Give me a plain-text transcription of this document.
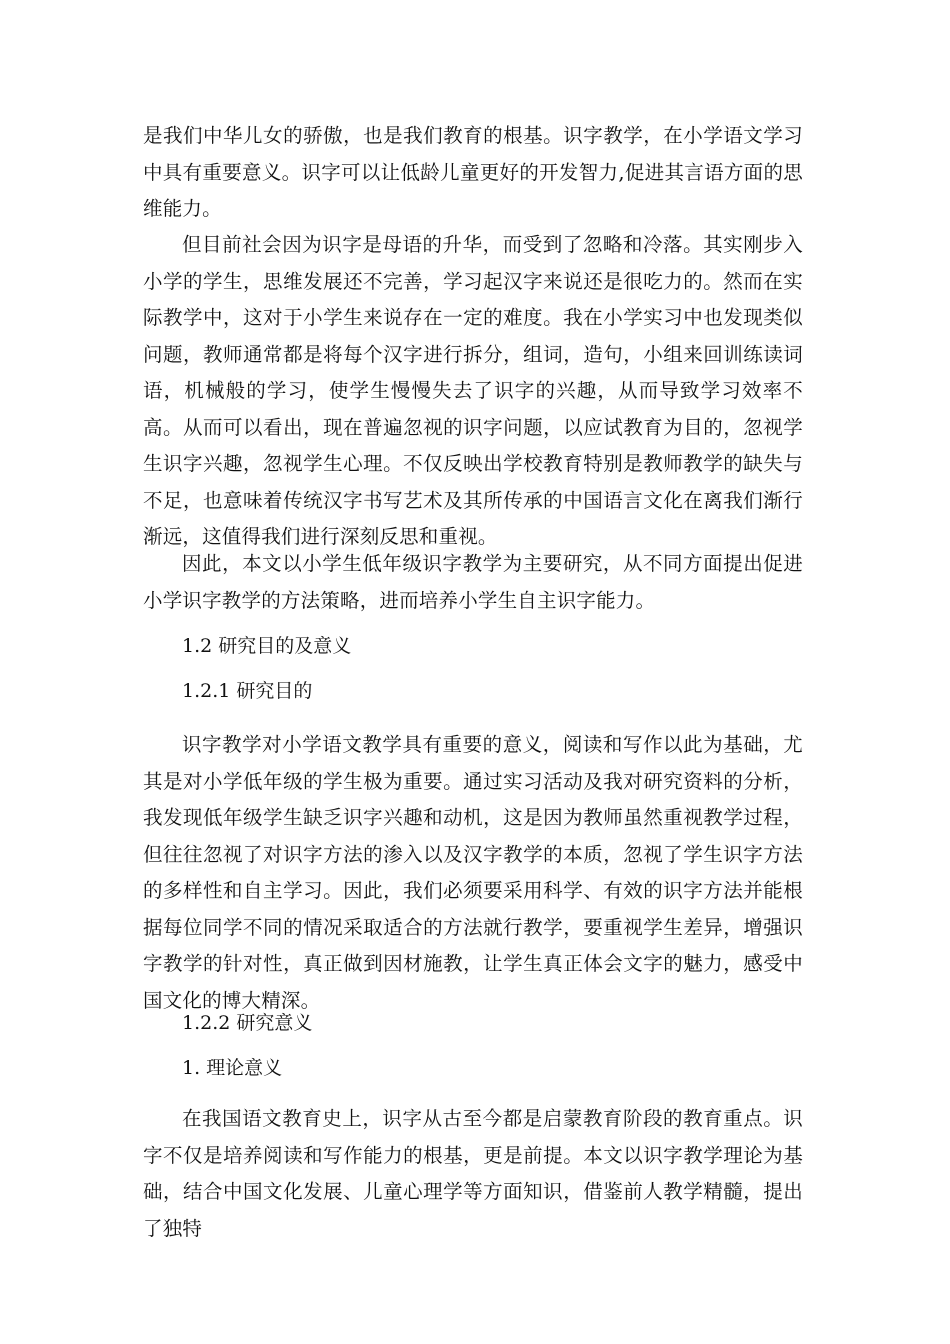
是我们中华儿女的骄傲，也是我们教育的根基。识字教学，在小学语文学习中具有重要意义。识字可以让低龄儿童更好的开发智力,促进其言语方面的思维能力。

但目前社会因为识字是母语的升华，而受到了忽略和冷落。其实刚步入小学的学生，思维发展还不完善，学习起汉字来说还是很吃力的。然而在实际教学中，这对于小学生来说存在一定的难度。我在小学实习中也发现类似问题，教师通常都是将每个汉字进行拆分，组词，造句，小组来回训练读词语，机械般的学习，使学生慢慢失去了识字的兴趣，从而导致学习效率不高。从而可以看出，现在普遍忽视的识字问题，以应试教育为目的，忽视学生识字兴趣，忽视学生心理。不仅反映出学校教育特别是教师教学的缺失与不足，也意味着传统汉字书写艺术及其所传承的中国语言文化在离我们渐行渐远，这值得我们进行深刻反思和重视。

因此，本文以小学生低年级识字教学为主要研究，从不同方面提出促进小学识字教学的方法策略，进而培养小学生自主识字能力。

1.2 研究目的及意义

1.2.1 研究目的

识字教学对小学语文教学具有重要的意义，阅读和写作以此为基础，尤其是对小学低年级的学生极为重要。通过实习活动及我对研究资料的分析，我发现低年级学生缺乏识字兴趣和动机，这是因为教师虽然重视教学过程，但往往忽视了对识字方法的渗入以及汉字教学的本质，忽视了学生识字方法的多样性和自主学习。因此，我们必须要采用科学、有效的识字方法并能根据每位同学不同的情况采取适合的方法就行教学，要重视学生差异，增强识字教学的针对性，真正做到因材施教，让学生真正体会文字的魅力，感受中国文化的博大精深。

1.2.2 研究意义

1. 理论意义

在我国语文教育史上，识字从古至今都是启蒙教育阶段的教育重点。识字不仅是培养阅读和写作能力的根基，更是前提。本文以识字教学理论为基础，结合中国文化发展、儿童心理学等方面知识，借鉴前人教学精髓，提出了独特
